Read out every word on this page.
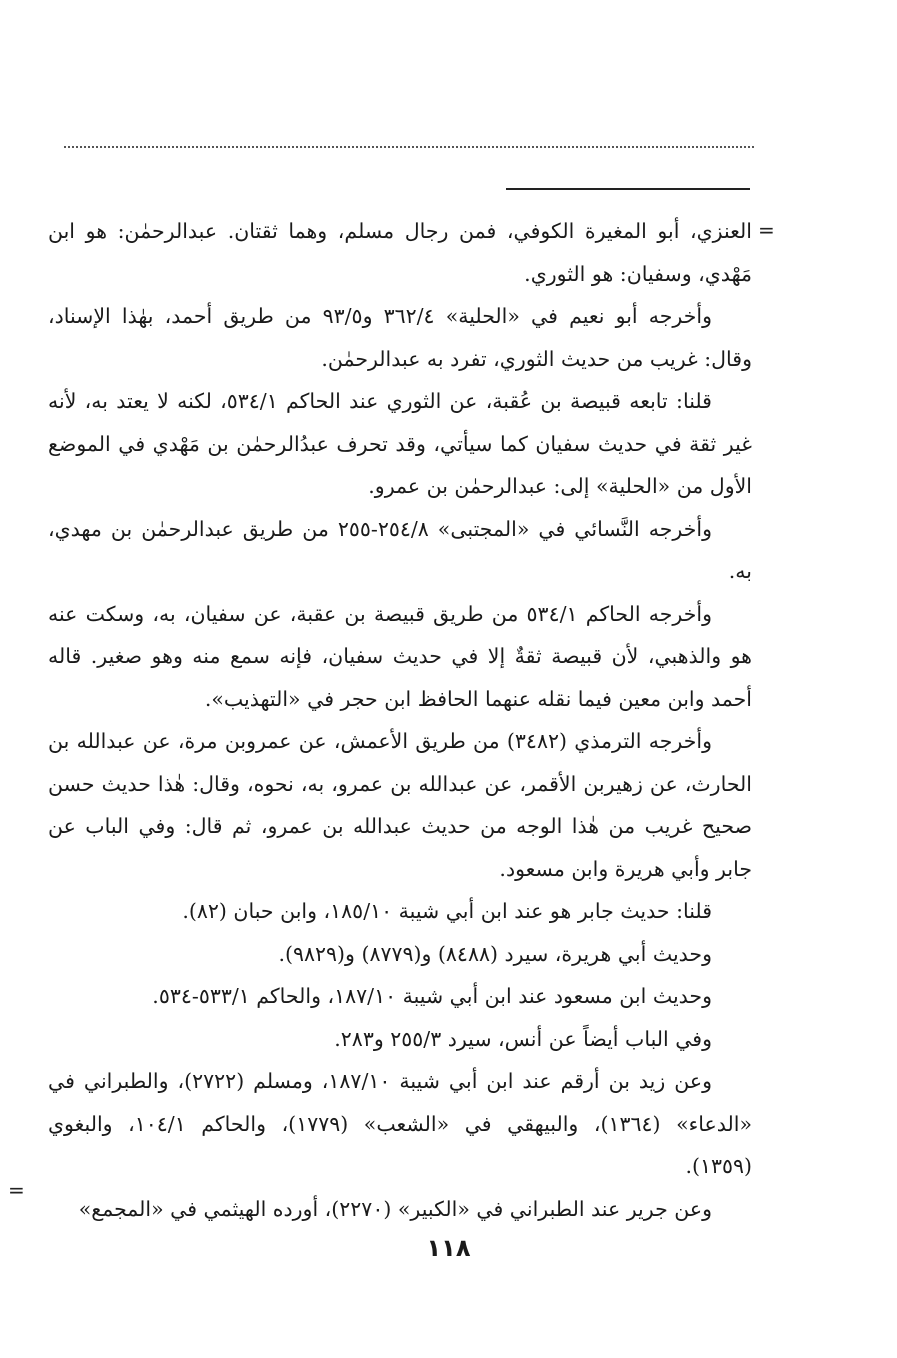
=

العنزي، أبو المغيرة الكوفي، فمن رجال مسلم، وهما ثقتان. عبدالرحمٰن: هو ابن مَهْدي، وسفيان: هو الثوري.

وأخرجه أبو نعيم في «الحلية» ٣٦٢/٤ و٩٣/٥ من طريق أحمد، بهٰذا الإسناد، وقال: غريب من حديث الثوري، تفرد به عبدالرحمٰن.

قلنا: تابعه قبيصة بن عُقبة، عن الثوري عند الحاكم ٥٣٤/١، لكنه لا يعتد به، لأنه غير ثقة في حديث سفيان كما سيأتي، وقد تحرف عبدُالرحمٰن بن مَهْدي في الموضع الأول من «الحلية» إلى: عبدالرحمٰن بن عمرو.

وأخرجه النَّسائي في «المجتبى» ٢٥٤/٨-٢٥٥ من طريق عبدالرحمٰن بن مهدي، به.

وأخرجه الحاكم ٥٣٤/١ من طريق قبيصة بن عقبة، عن سفيان، به، وسكت عنه هو والذهبي، لأن قبيصة ثقةٌ إلا في حديث سفيان، فإنه سمع منه وهو صغير. قاله أحمد وابن معين فيما نقله عنهما الحافظ ابن حجر في «التهذيب».

وأخرجه الترمذي (٣٤٨٢) من طريق الأعمش، عن عمروبن مرة، عن عبدالله بن الحارث، عن زهيربن الأقمر، عن عبدالله بن عمرو، به، نحوه، وقال: هٰذا حديث حسن صحيح غريب من هٰذا الوجه من حديث عبدالله بن عمرو، ثم قال: وفي الباب عن جابر وأبي هريرة وابن مسعود.

قلنا: حديث جابر هو عند ابن أبي شيبة ١٨٥/١٠، وابن حبان (٨٢).

وحديث أبي هريرة، سيرد (٨٤٨٨) و(٨٧٧٩) و(٩٨٢٩).

وحديث ابن مسعود عند ابن أبي شيبة ١٨٧/١٠، والحاكم ٥٣٣/١-٥٣٤.

وفي الباب أيضاً عن أنس، سيرد ٢٥٥/٣ و٢٨٣.

وعن زيد بن أرقم عند ابن أبي شيبة ١٨٧/١٠، ومسلم (٢٧٢٢)، والطبراني في «الدعاء» (١٣٦٤)، والبيهقي في «الشعب» (١٧٧٩)، والحاكم ١٠٤/١، والبغوي (١٣٥٩).

وعن جرير عند الطبراني في «الكبير» (٢٢٧٠)، أورده الهيثمي في «المجمع»

=
١١٨
